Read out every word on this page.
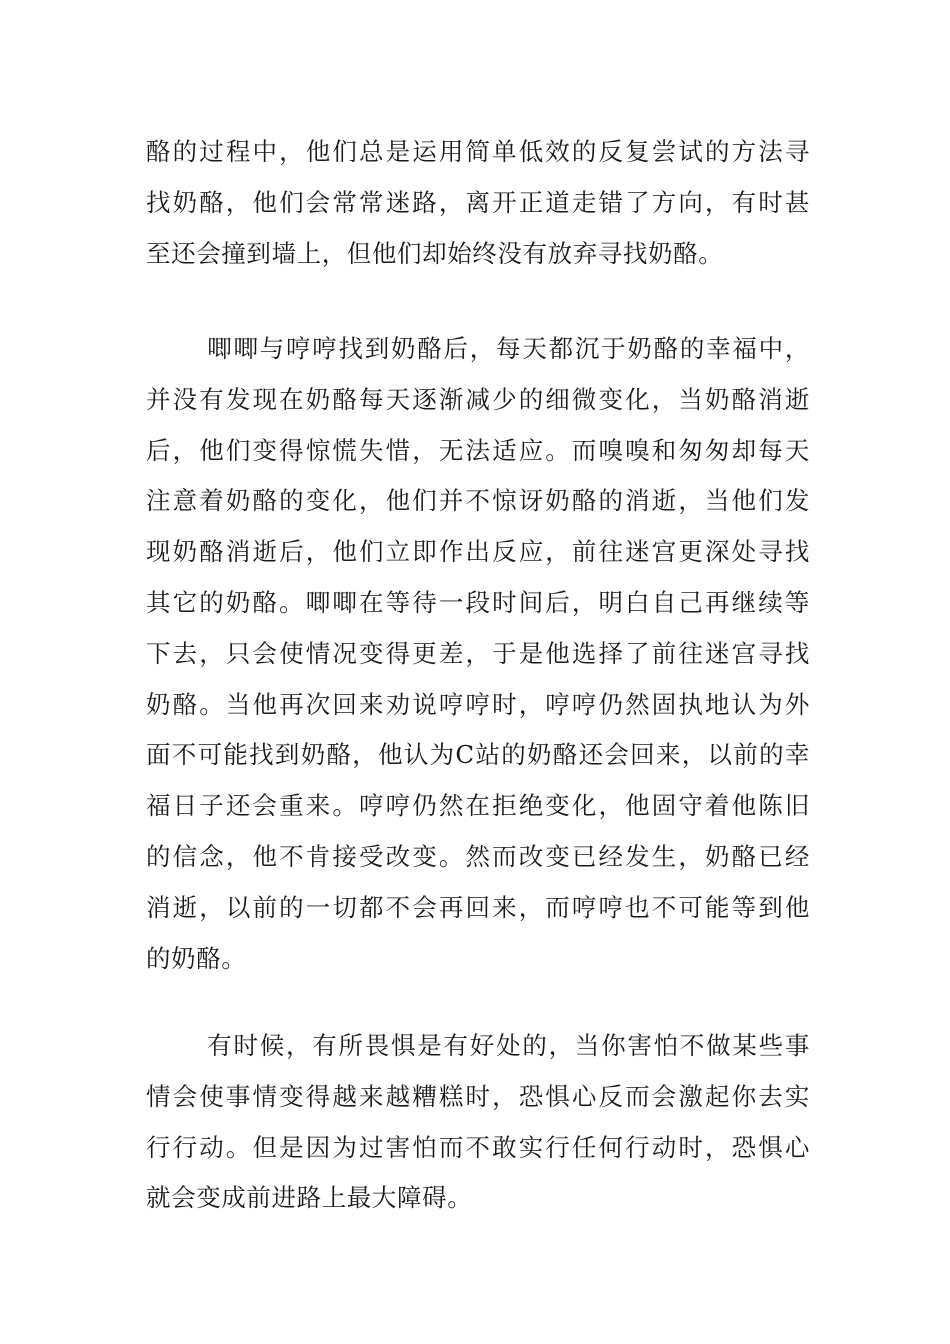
酪的过程中，他们总是运用简单低效的反复尝试的方法寻
找奶酪，他们会常常迷路，离开正道走错了方向，有时甚
至还会撞到墙上，但他们却始终没有放弃寻找奶酪。

唧唧与哼哼找到奶酪后，每天都沉于奶酪的幸福中，
并没有发现在奶酪每天逐渐减少的细微变化，当奶酪消逝
后，他们变得惊慌失惜，无法适应。而嗅嗅和匆匆却每天
注意着奶酪的变化，他们并不惊讶奶酪的消逝，当他们发
现奶酪消逝后，他们立即作出反应，前往迷宫更深处寻找
其它的奶酪。唧唧在等待一段时间后，明白自己再继续等
下去，只会使情况变得更差，于是他选择了前往迷宫寻找
奶酪。当他再次回来劝说哼哼时，哼哼仍然固执地认为外
面不可能找到奶酪，他认为C站的奶酪还会回来，以前的幸
福日子还会重来。哼哼仍然在拒绝变化，他固守着他陈旧
的信念，他不肯接受改变。然而改变已经发生，奶酪已经
消逝，以前的一切都不会再回来，而哼哼也不可能等到他
的奶酪。

有时候，有所畏惧是有好处的，当你害怕不做某些事
情会使事情变得越来越糟糕时，恐惧心反而会激起你去实
行行动。但是因为过害怕而不敢实行任何行动时，恐惧心
就会变成前进路上最大障碍。
